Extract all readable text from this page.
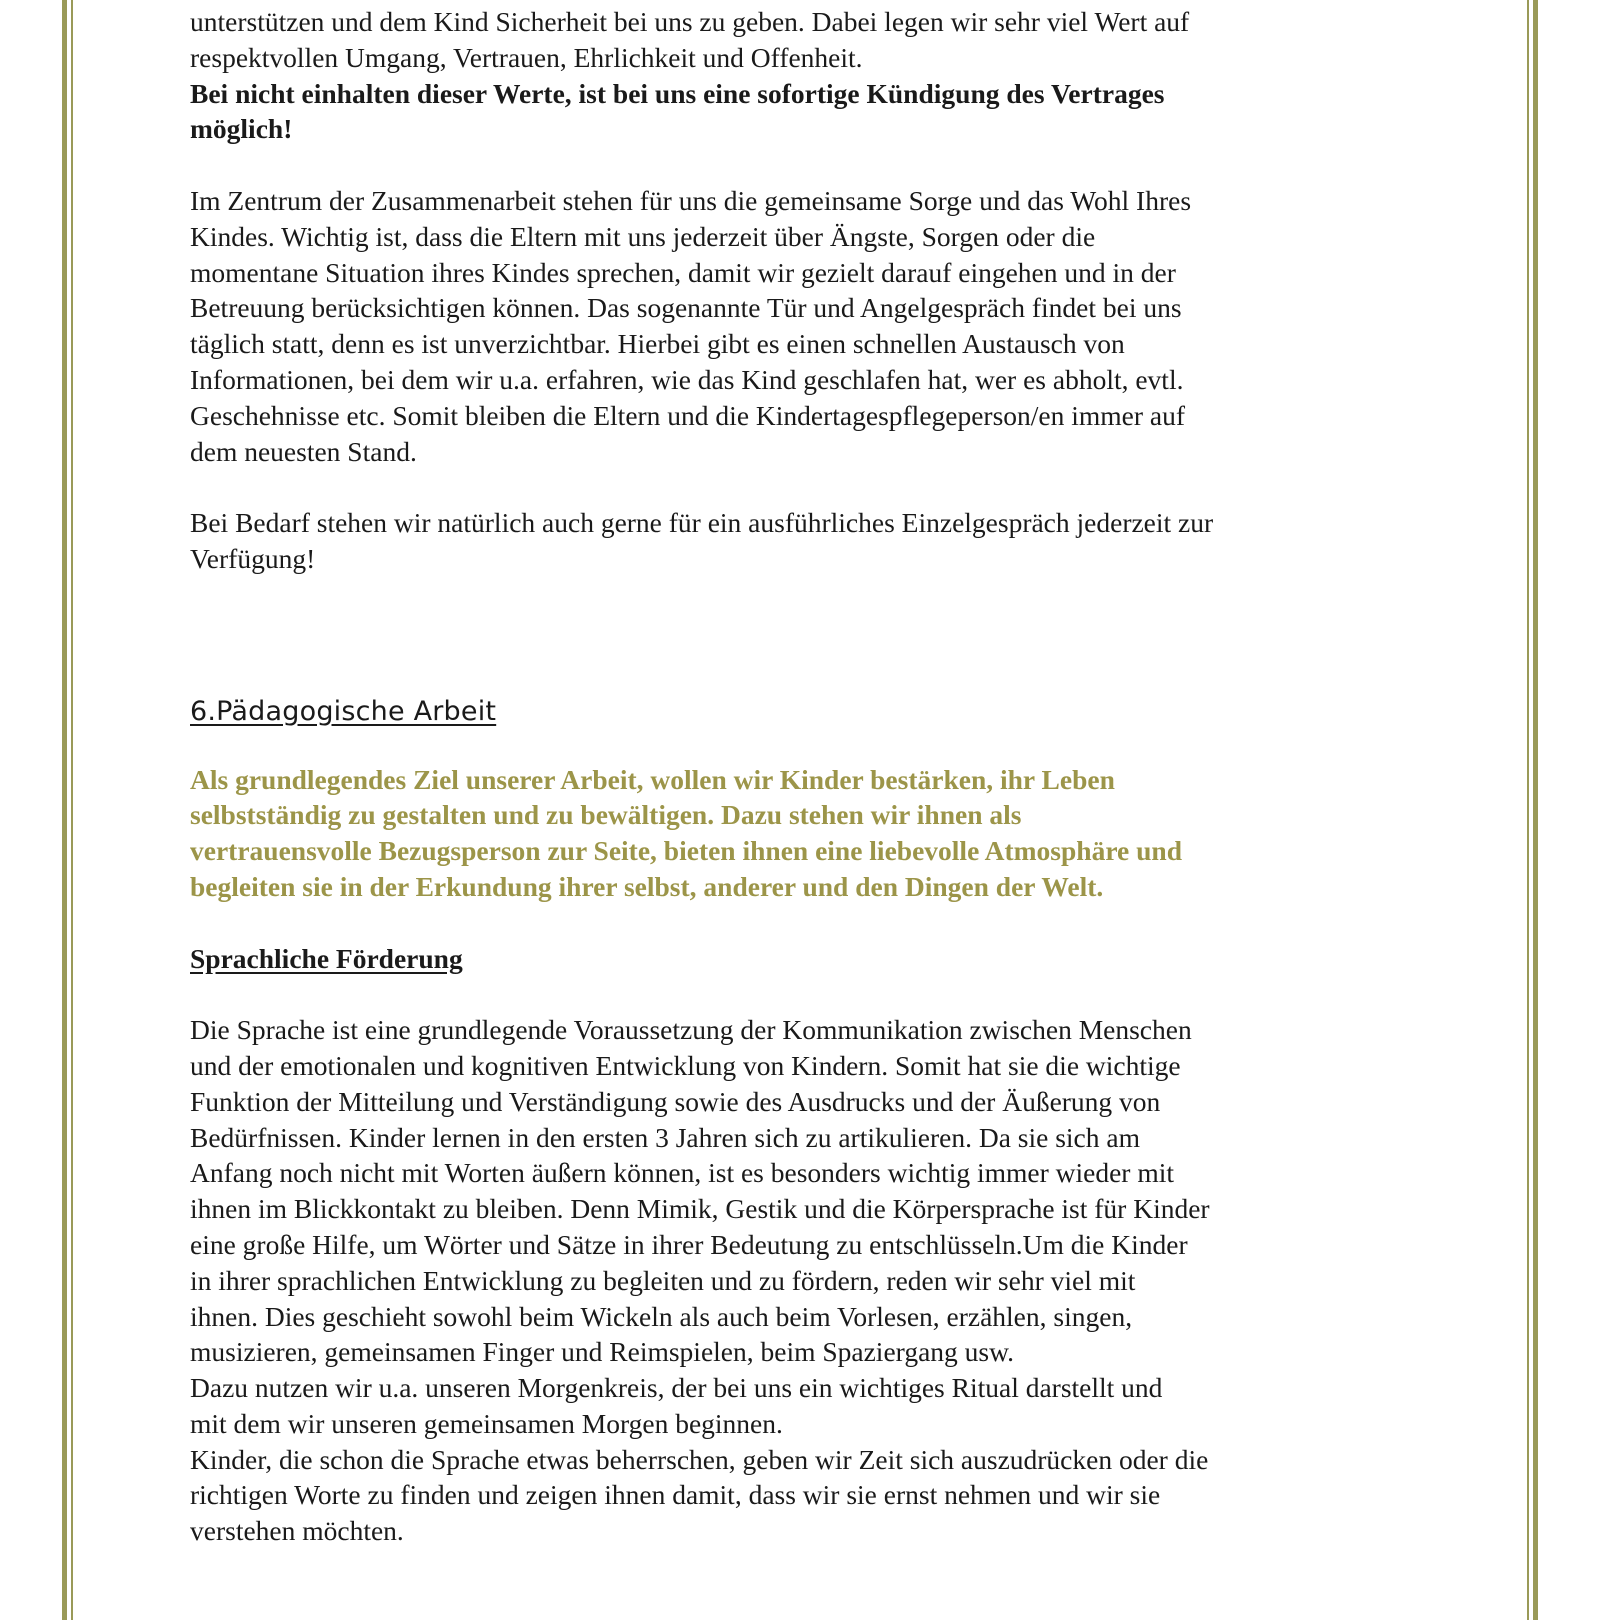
unterstützen und dem Kind Sicherheit bei uns zu geben. Dabei legen wir sehr viel Wert auf
respektvollen Umgang, Vertrauen, Ehrlichkeit und Offenheit.
Bei nicht einhalten dieser Werte, ist bei uns eine sofortige Kündigung des Vertrages
möglich!
Im Zentrum der Zusammenarbeit stehen für uns die gemeinsame Sorge und das Wohl Ihres
Kindes. Wichtig ist, dass die Eltern mit uns jederzeit über Ängste, Sorgen oder die
momentane Situation ihres Kindes sprechen, damit wir gezielt darauf eingehen und in der
Betreuung berücksichtigen können. Das sogenannte Tür und Angelgespräch findet bei uns
täglich statt, denn es ist unverzichtbar. Hierbei gibt es einen schnellen Austausch von
Informationen, bei dem wir u.a. erfahren, wie das Kind geschlafen hat, wer es abholt, evtl.
Geschehnisse etc. Somit bleiben die Eltern und die Kindertagespflegeperson/en immer auf
dem neuesten Stand.
Bei Bedarf stehen wir natürlich auch gerne für ein ausführliches Einzelgespräch jederzeit zur
Verfügung!
6.Pädagogische Arbeit
Als grundlegendes Ziel unserer Arbeit, wollen wir Kinder bestärken, ihr Leben
selbstständig zu gestalten und zu bewältigen. Dazu stehen wir ihnen als
vertrauensvolle Bezugsperson zur Seite, bieten ihnen eine liebevolle Atmosphäre und
begleiten sie in der Erkundung ihrer selbst, anderer und den Dingen der Welt.
Sprachliche Förderung
Die Sprache ist eine grundlegende Voraussetzung der Kommunikation zwischen Menschen
und der emotionalen und kognitiven Entwicklung von Kindern. Somit hat sie die wichtige
Funktion der Mitteilung und Verständigung sowie des Ausdrucks und der Äußerung von
Bedürfnissen. Kinder lernen in den ersten 3 Jahren sich zu artikulieren. Da sie sich am
Anfang noch nicht mit Worten äußern können, ist es besonders wichtig immer wieder mit
ihnen im Blickkontakt zu bleiben. Denn Mimik, Gestik und die Körpersprache ist für Kinder
eine große Hilfe, um Wörter und Sätze in ihrer Bedeutung zu entschlüsseln.Um die Kinder
in ihrer sprachlichen Entwicklung zu begleiten und zu fördern, reden wir sehr viel mit
ihnen. Dies geschieht sowohl beim Wickeln als auch beim Vorlesen, erzählen, singen,
musizieren, gemeinsamen Finger und Reimspielen, beim Spaziergang usw.
Dazu nutzen wir u.a. unseren Morgenkreis, der bei uns ein wichtiges Ritual darstellt und
mit dem wir unseren gemeinsamen Morgen beginnen.
Kinder, die schon die Sprache etwas beherrschen, geben wir Zeit sich auszudrücken oder die
richtigen Worte zu finden und zeigen ihnen damit, dass wir sie ernst nehmen und wir sie
verstehen möchten.
